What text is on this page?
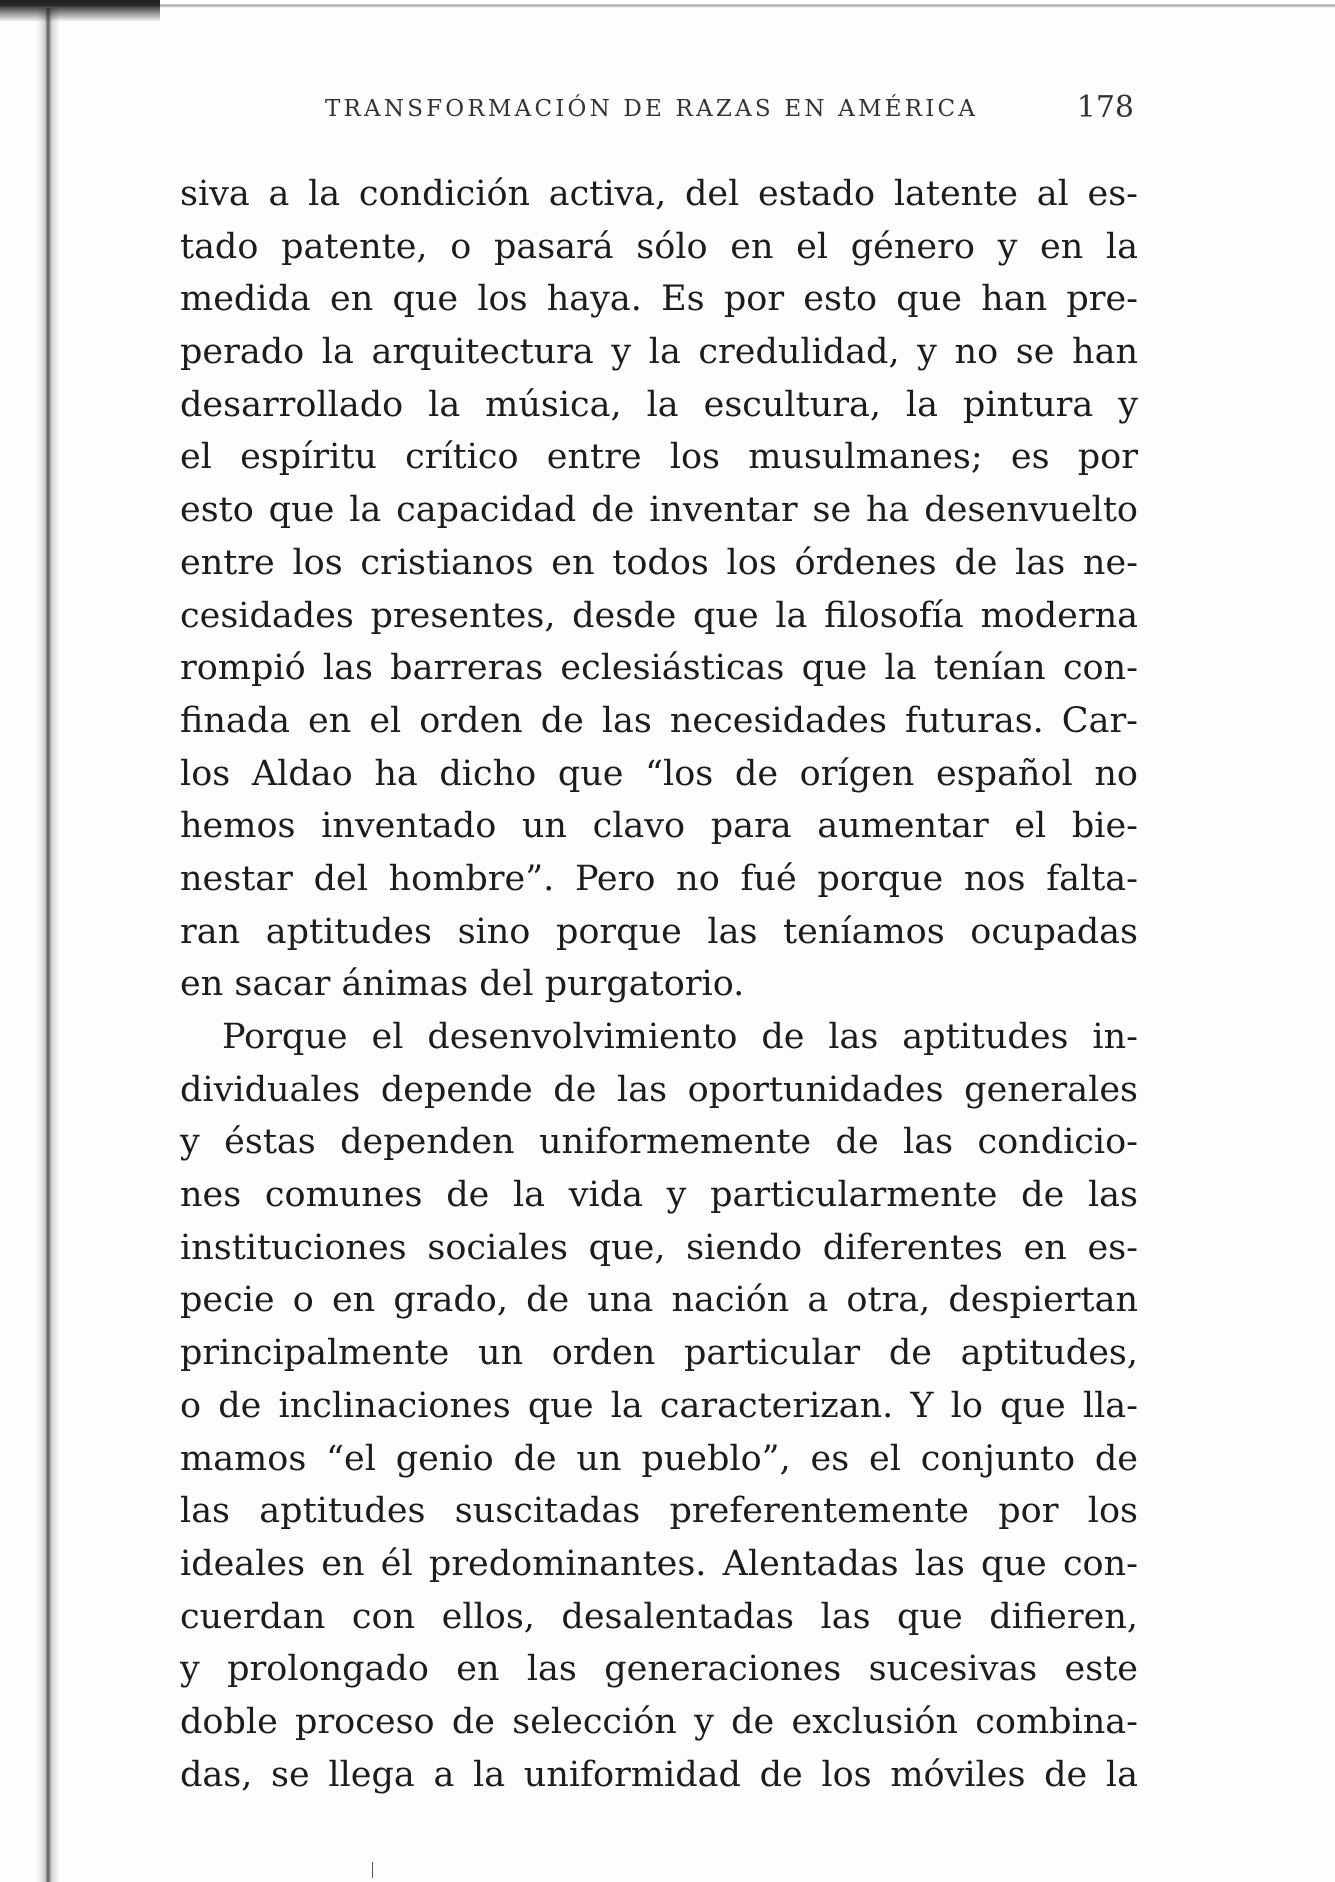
TRANSFORMACIÓN DE RAZAS EN AMÉRICA	178
siva a la condición activa, del estado latente al es-
tado patente, o pasará sólo en el género y en la
medida en que los haya. Es por esto que han pre-
perado la arquitectura y la credulidad, y no se han
desarrollado la música, la escultura, la pintura y
el espíritu crítico entre los musulmanes; es por
esto que la capacidad de inventar se ha desenvuelto
entre los cristianos en todos los órdenes de las ne-
cesidades presentes, desde que la filosofía moderna
rompió las barreras eclesiásticas que la tenían con-
finada en el orden de las necesidades futuras. Car-
los Aldao ha dicho que “los de orígen español no
hemos inventado un clavo para aumentar el bie-
nestar del hombre”. Pero no fué porque nos falta-
ran aptitudes sino porque las teníamos ocupadas
en sacar ánimas del purgatorio.
Porque el desenvolvimiento de las aptitudes in-
dividuales depende de las oportunidades generales
y éstas dependen uniformemente de las condicio-
nes comunes de la vida y particularmente de las
instituciones sociales que, siendo diferentes en es-
pecie o en grado, de una nación a otra, despiertan
principalmente un orden particular de aptitudes,
o de inclinaciones que la caracterizan. Y lo que lla-
mamos “el genio de un pueblo”, es el conjunto de
las aptitudes suscitadas preferentemente por los
ideales en él predominantes. Alentadas las que con-
cuerdan con ellos, desalentadas las que difieren,
y prolongado en las generaciones sucesivas este
doble proceso de selección y de exclusión combina-
das, se llega a la uniformidad de los móviles de la
